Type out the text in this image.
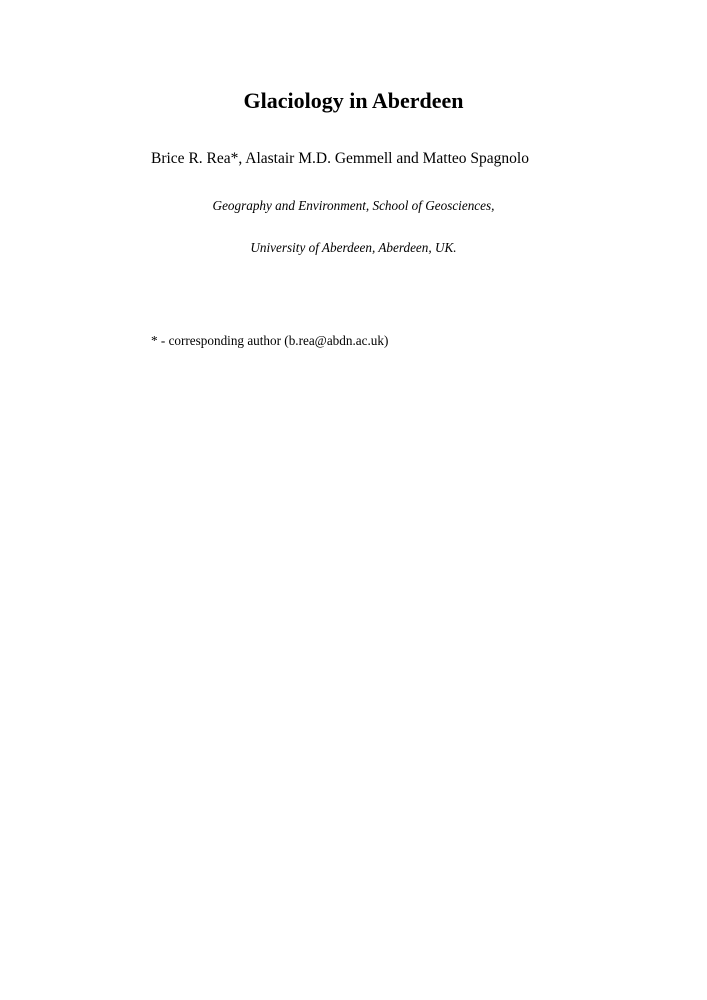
Glaciology in Aberdeen

Brice R. Rea*, Alastair M.D. Gemmell and Matteo Spagnolo

Geography and Environment, School of Geosciences,

University of Aberdeen, Aberdeen, UK.

* - corresponding author (b.rea@abdn.ac.uk)
